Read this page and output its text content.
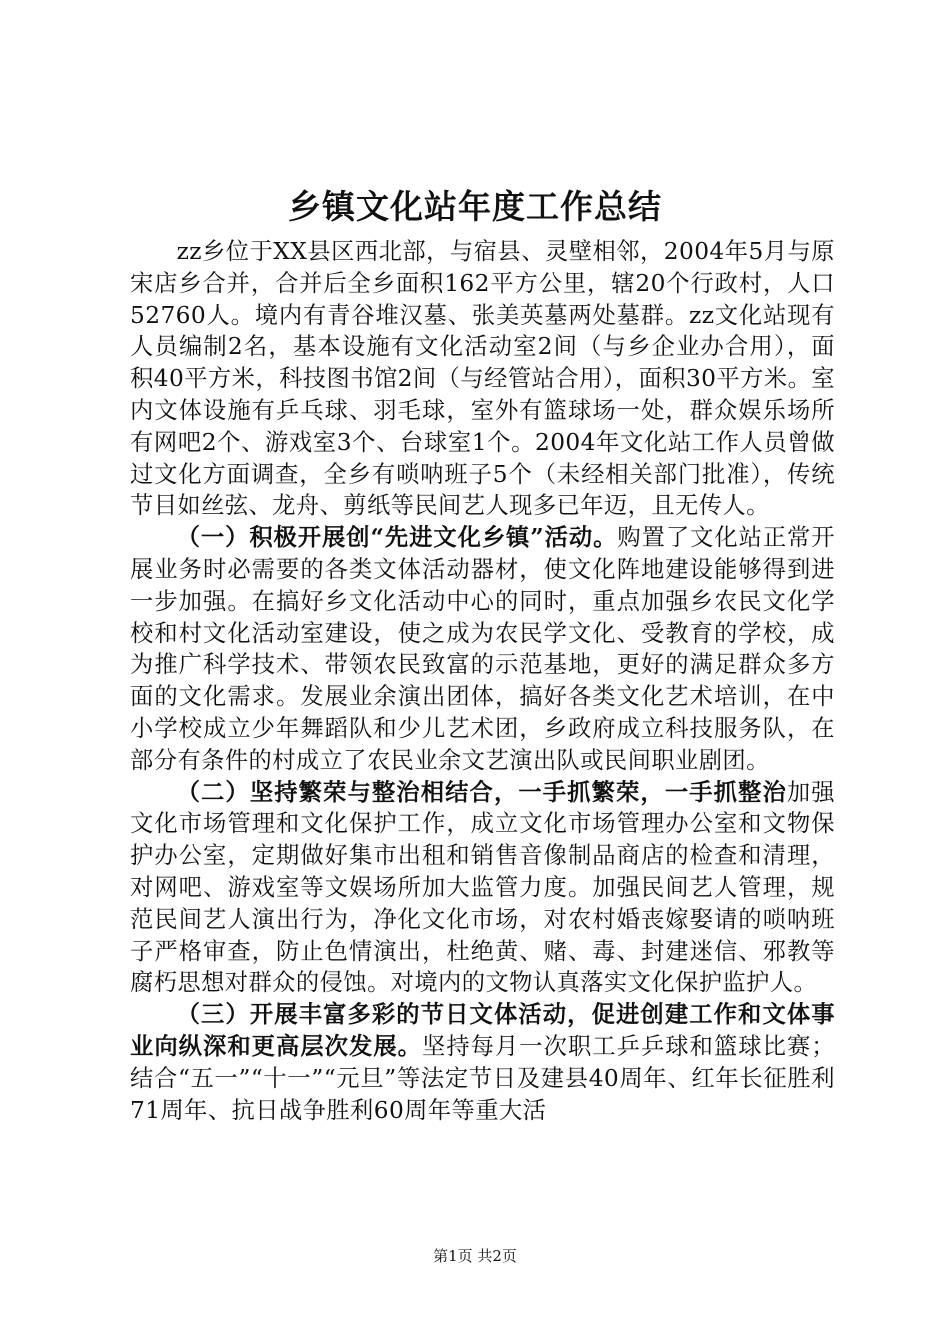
乡镇文化站年度工作总结

zz乡位于XX县区西北部，与宿县、灵壁相邻，2004年5月与原宋店乡合并，合并后全乡面积162平方公里，辖20个行政村，人口52760人。境内有青谷堆汉墓、张美英墓两处墓群。zz文化站现有人员编制2名，基本设施有文化活动室2间（与乡企业办合用），面积40平方米，科技图书馆2间（与经管站合用），面积30平方米。室内文体设施有乒乓球、羽毛球，室外有篮球场一处，群众娱乐场所有网吧2个、游戏室3个、台球室1个。2004年文化站工作人员曾做过文化方面调查，全乡有唢呐班子5个（未经相关部门批准），传统节目如丝弦、龙舟、剪纸等民间艺人现多已年迈，且无传人。

（一）积极开展创“先进文化乡镇”活动。购置了文化站正常开展业务时必需要的各类文体活动器材，使文化阵地建设能够得到进一步加强。在搞好乡文化活动中心的同时，重点加强乡农民文化学校和村文化活动室建设，使之成为农民学文化、受教育的学校，成为推广科学技术、带领农民致富的示范基地，更好的满足群众多方面的文化需求。发展业余演出团体，搞好各类文化艺术培训，在中小学校成立少年舞蹈队和少儿艺术团，乡政府成立科技服务队，在部分有条件的村成立了农民业余文艺演出队或民间职业剧团。

（二）坚持繁荣与整治相结合，一手抓繁荣，一手抓整治加强文化市场管理和文化保护工作，成立文化市场管理办公室和文物保护办公室，定期做好集市出租和销售音像制品商店的检查和清理，对网吧、游戏室等文娱场所加大监管力度。加强民间艺人管理，规范民间艺人演出行为，净化文化市场，对农村婚丧嫁娶请的唢呐班子严格审查，防止色情演出，杜绝黄、赌、毒、封建迷信、邪教等腐朽思想对群众的侵蚀。对境内的文物认真落实文化保护监护人。

（三）开展丰富多彩的节日文体活动，促进创建工作和文体事业向纵深和更高层次发展。坚持每月一次职工乒乒球和篮球比赛；结合“五一”“十一”“元旦”等法定节日及建县40周年、红年长征胜利71周年、抗日战争胜利60周年等重大活

第1页 共2页
